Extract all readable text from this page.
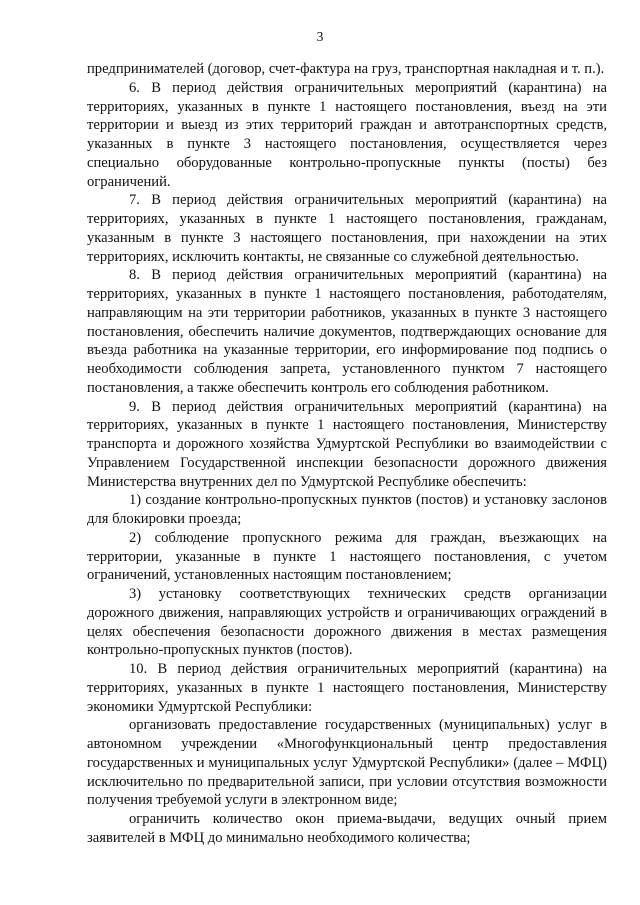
3

предпринимателей (договор, счет-фактура на груз, транспортная накладная и т. п.).

6. В период действия ограничительных мероприятий (карантина) на территориях, указанных в пункте 1 настоящего постановления, въезд на эти территории и выезд из этих территорий граждан и автотранспортных средств, указанных в пункте 3 настоящего постановления, осуществляется через специально оборудованные контрольно-пропускные пункты (посты) без ограничений.

7. В период действия ограничительных мероприятий (карантина) на территориях, указанных в пункте 1 настоящего постановления, гражданам, указанным в пункте 3 настоящего постановления, при нахождении на этих территориях, исключить контакты, не связанные со служебной деятельностью.

8. В период действия ограничительных мероприятий (карантина) на территориях, указанных в пункте 1 настоящего постановления, работодателям, направляющим на эти территории работников, указанных в пункте 3 настоящего постановления, обеспечить наличие документов, подтверждающих основание для въезда работника на указанные территории, его информирование под подпись о необходимости соблюдения запрета, установленного пунктом 7 настоящего постановления, а также обеспечить контроль его соблюдения работником.

9. В период действия ограничительных мероприятий (карантина) на территориях, указанных в пункте 1 настоящего постановления, Министерству транспорта и дорожного хозяйства Удмуртской Республики во взаимодействии с Управлением Государственной инспекции безопасности дорожного движения Министерства внутренних дел по Удмуртской Республике обеспечить:

1) создание контрольно-пропускных пунктов (постов) и установку заслонов для блокировки проезда;

2) соблюдение пропускного режима для граждан, въезжающих на территории, указанные в пункте 1 настоящего постановления, с учетом ограничений, установленных настоящим постановлением;

3) установку соответствующих технических средств организации дорожного движения, направляющих устройств и ограничивающих ограждений в целях обеспечения безопасности дорожного движения в местах размещения контрольно-пропускных пунктов (постов).

10. В период действия ограничительных мероприятий (карантина) на территориях, указанных в пункте 1 настоящего постановления, Министерству экономики Удмуртской Республики:

организовать предоставление государственных (муниципальных) услуг в автономном учреждении «Многофункциональный центр предоставления государственных и муниципальных услуг Удмуртской Республики» (далее – МФЦ) исключительно по предварительной записи, при условии отсутствия возможности получения требуемой услуги в электронном виде;

ограничить количество окон приема-выдачи, ведущих очный прием заявителей в МФЦ до минимально необходимого количества;
